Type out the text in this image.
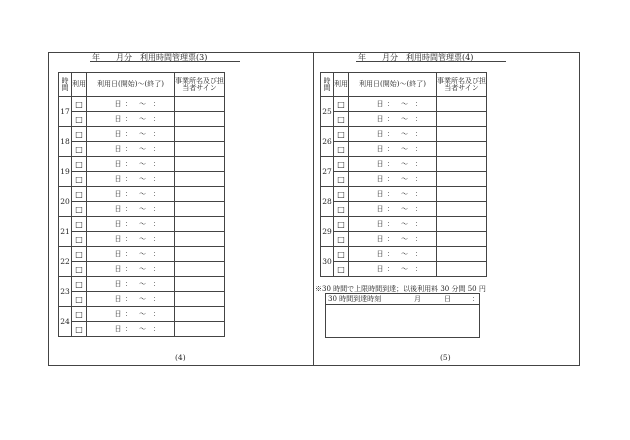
年　　月分　利用時間管理票(3)
時間	利用	利用日(開始)～(終了)	事業所名及び担当者サイン
17	□	日 ： ～ ：	
	□	日 ： ～ ：	
18	□	日 ： ～ ：	
	□	日 ： ～ ：	
19	□	日 ： ～ ：	
	□	日 ： ～ ：	
20	□	日 ： ～ ：	
	□	日 ： ～ ：	
21	□	日 ： ～ ：	
	□	日 ： ～ ：	
22	□	日 ： ～ ：	
	□	日 ： ～ ：	
23	□	日 ： ～ ：	
	□	日 ： ～ ：	
24	□	日 ： ～ ：	
	□	日 ： ～ ：	
(4)
年　　月分　利用時間管理票(4)
時間	利用	利用日(開始)～(終了)	事業所名及び担当者サイン
25	□	日 ： ～ ：	
	□	日 ： ～ ：	
26	□	日 ： ～ ：	
	□	日 ： ～ ：	
27	□	日 ： ～ ：	
	□	日 ： ～ ：	
28	□	日 ： ～ ：	
	□	日 ： ～ ：	
29	□	日 ： ～ ：	
	□	日 ： ～ ：	
30	□	日 ： ～ ：	
	□	日 ： ～ ：	
※30 時間で上限時間到達；以後利用料 30 分間 50 円
30 時間到達時刻	月	日	：
(5)
